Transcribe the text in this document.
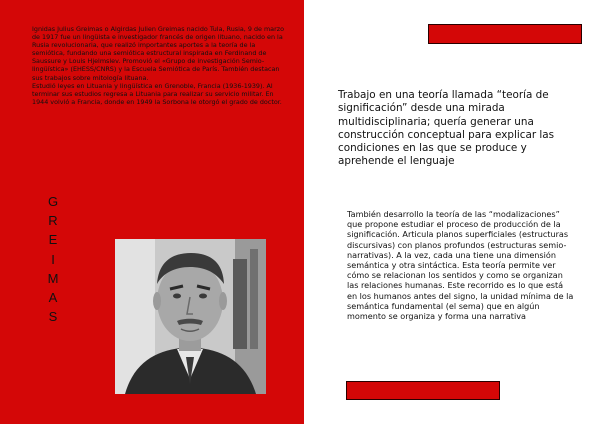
Ignidas Julius Greimas o Algirdas Julien Greimas nacido Tula, Rusia, 9 de marzo de 1917 fue un lingüista e investigador francés de origen lituano, nacido en la Rusia revolucionaria, que realizó importantes aportes a la teoría de la semiótica, fundando una semiótica estructural inspirada en Ferdinand de Saussure y Louis Hjelmslev. Promovió el «Grupo de investigación Semio-lingüística» (EHESS/CNRS) y la Escuela Semiótica de París. También destacan sus trabajos sobre mitología lituana.

Estudió leyes en Lituania y lingüística en Grenoble, Francia (1936-1939). Al terminar sus estudios regresa a Lituania para realizar su servicio militar. En 1944 volvió a Francia, donde en 1949 la Sorbona le otorgó el grado de doctor.

G
R
E
I
M
A
S
Trabajo en una teoría llamada “teoría de significación” desde una mirada multidisciplinaria; quería generar una construcción conceptual para explicar las condiciones en las que se produce y aprehende el lenguaje
También desarrollo la teoría de las “modalizaciones” que propone estudiar el proceso de producción de la significación. Articula planos superficiales (estructuras discursivas) con planos profundos (estructuras semio-narrativas). A la vez, cada una tiene una dimensión semántica y otra sintáctica. Esta teoría permite ver cómo se relacionan los sentidos y como se organizan las relaciones humanas. Este recorrido es lo que está en los humanos antes del signo, la unidad mínima de la semántica fundamental (el sema) que en algún momento se organiza y forma una narrativa
